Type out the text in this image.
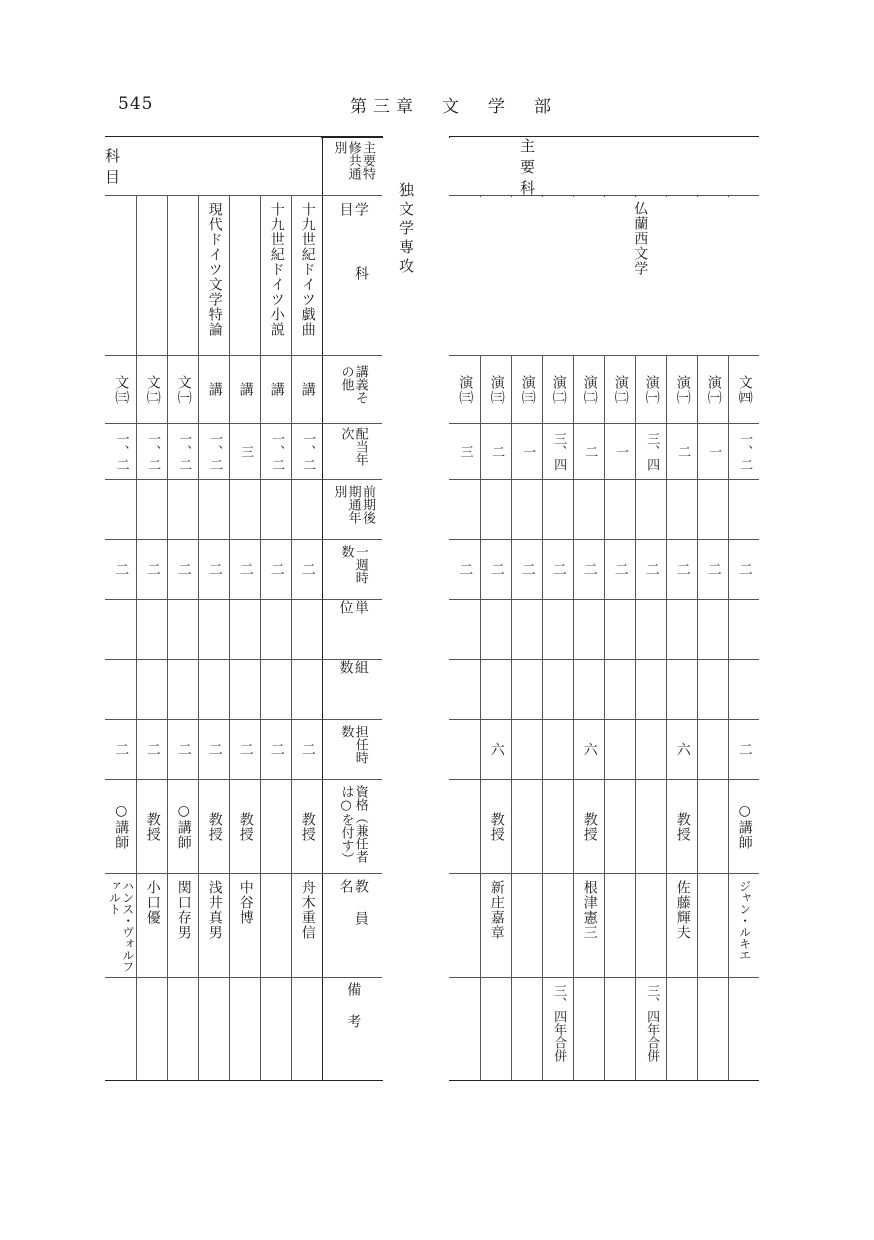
545	第三章　文　学　部
独文学専攻
文㈢
一、二
二
二
○講師
ハンス・ヴォルファルト
文㈡
一、二
二
二
教授
小口優
文㈠
一、二
二
二
○講師
関口存男
現代ドイツ文学特論
講
一、二
二
二
教授
浅井真男
講
三
二
二
教授
中谷博
十九世紀ドイツ小説
講
一、二
二
二
十九世紀ドイツ戯曲
講
一、二
二
二
教授
舟木重信
主要特修共通別
学　科　目
講義その他
配当年次
前期後期通年別
一週時数
単位
組数
担任時数
資格（兼任者は○を付す）
教員名
備考
科　目
演㈢
三
二
演㈢
二
二
六
教授
新庄嘉章
演㈢
一
二
演㈡
三、四
二
三、四年合併
演㈡
二
二
六
教授
根津憲三
演㈡
一
二
演㈠
三、四
二
三、四年合併
演㈠
二
二
六
教授
佐藤輝夫
演㈠
一
二
文㈣
一、二
二
二
○講師
ジャン・ルキエ
主　要　科
仏蘭西文学
